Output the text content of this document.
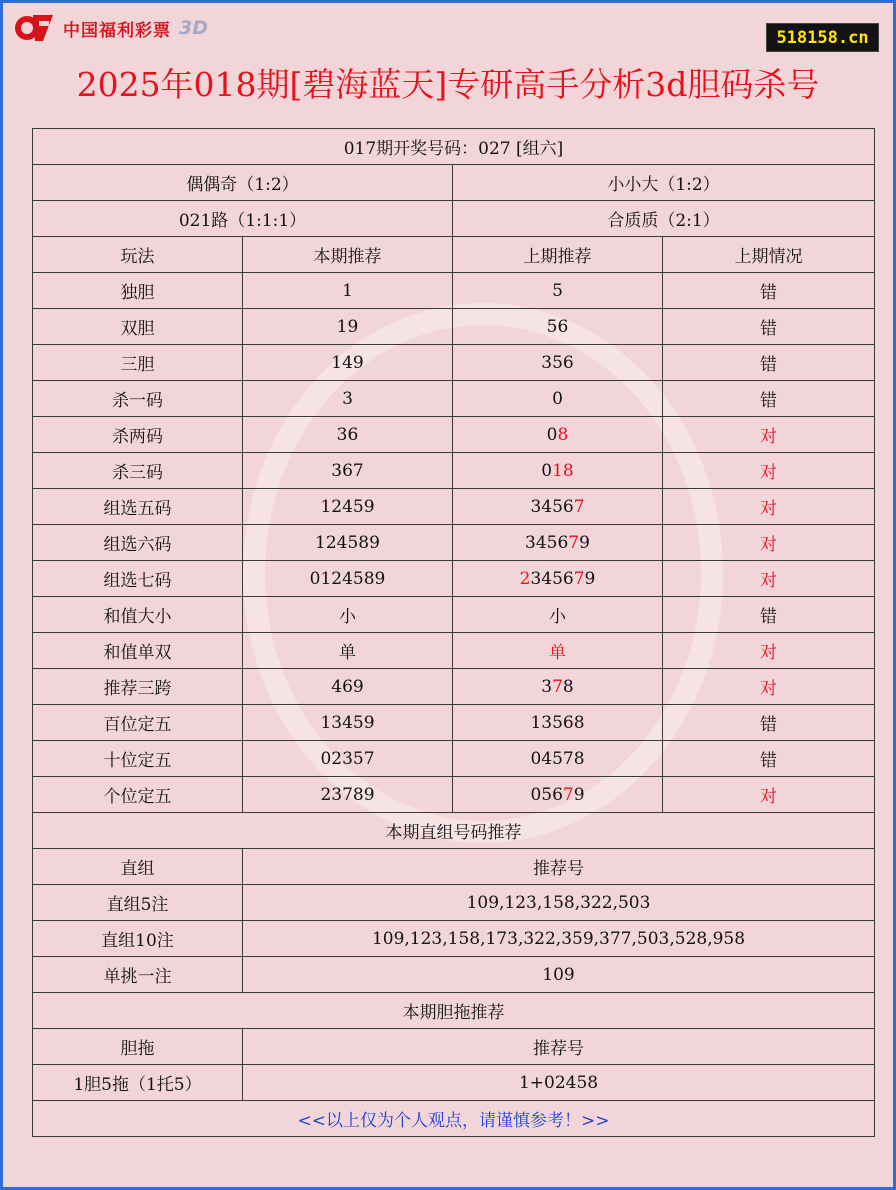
中国福利彩票 3D	518158.cn
2025年018期[碧海蓝天]专研高手分析3d胆码杀号
017期开奖号码：027 [组六]			
偶偶奇（1:2）		小小大（1:2）	
021路（1:1:1）		合质质（2:1）	
玩法	本期推荐	上期推荐	上期情况
独胆	1	5	错
双胆	19	56	错
三胆	149	356	错
杀一码	3	0	错
杀两码	36	08	对
杀三码	367	018	对
组选五码	12459	34567	对
组选六码	124589	345679	对
组选七码	0124589	2345679	对
和值大小	小	小	错
和值单双	单	单	对
推荐三跨	469	378	对
百位定五	13459	13568	错
十位定五	02357	04578	错
个位定五	23789	05679	对
本期直组号码推荐			
直组	推荐号		
直组5注	109,123,158,322,503		
直组10注	109,123,158,173,322,359,377,503,528,958		
单挑一注	109		
本期胆拖推荐			
胆拖	推荐号		
1胆5拖（1托5）	1+02458		
<<以上仅为个人观点，请谨慎参考！>>			
